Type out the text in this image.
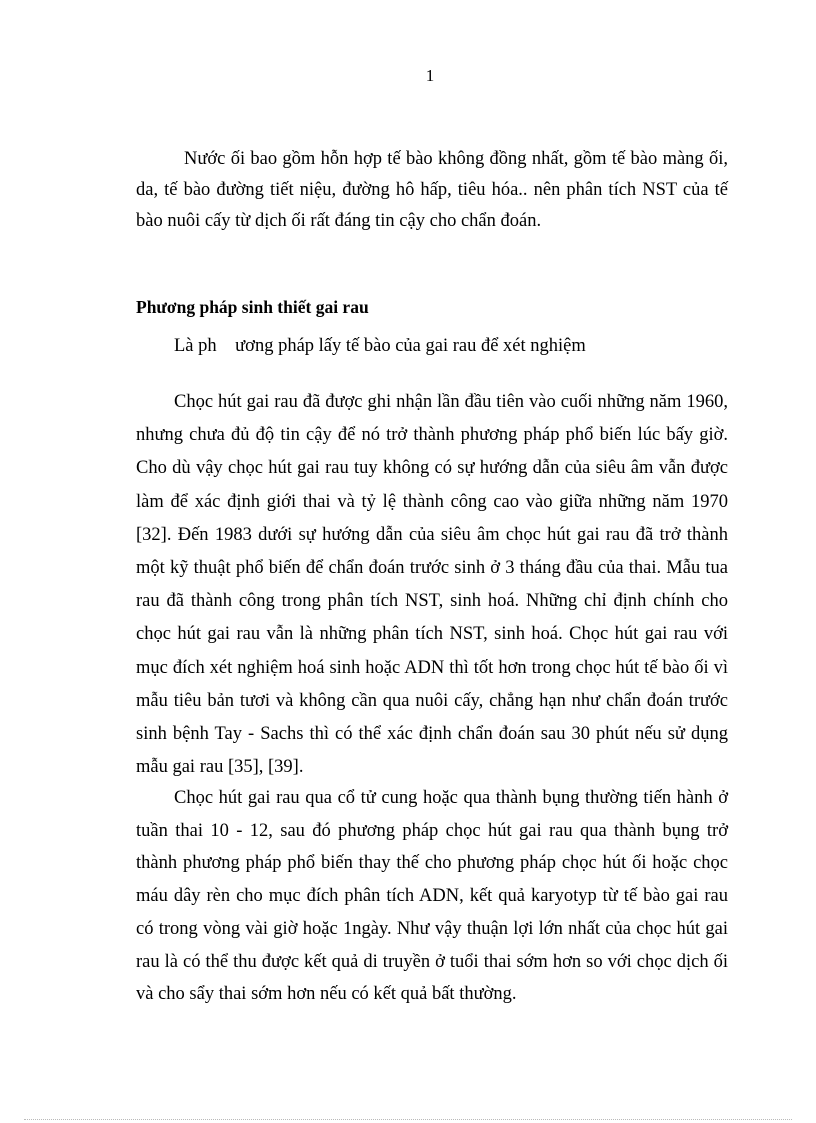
1

Nước ối bao gồm hỗn hợp tế bào không đồng nhất, gồm tế bào màng ối, da, tế bào đường tiết niệu, đường hô hấp, tiêu hóa.. nên phân tích NST của tế bào nuôi cấy từ dịch ối rất đáng tin cậy cho chẩn đoán.

Phương pháp sinh thiết gai rau

Là ph    ương pháp lấy tế bào của gai rau để xét nghiệm

Chọc hút gai rau đã được ghi nhận lần đầu tiên vào cuối những năm 1960, nhưng chưa đủ độ tin cậy để nó trở thành phương pháp phổ biến lúc bấy giờ. Cho dù vậy chọc hút gai rau tuy không có sự hướng dẫn của siêu âm vẫn được làm để xác định giới thai và tỷ lệ thành công cao vào giữa những năm 1970 [32]. Đến 1983 dưới sự hướng dẫn của siêu âm chọc hút gai rau đã trở thành một kỹ thuật phổ biến để chẩn đoán trước sinh ở 3 tháng đầu của thai. Mẫu tua rau đã thành công trong phân tích NST, sinh hoá. Những chỉ định chính cho chọc hút gai rau vẫn là những phân tích NST, sinh hoá. Chọc hút gai rau với mục đích xét nghiệm hoá sinh hoặc ADN thì tốt hơn trong chọc hút tế bào ối vì mẫu tiêu bản tươi và không cần qua nuôi cấy, chẳng hạn như chẩn đoán trước sinh bệnh Tay - Sachs thì có thể xác định chẩn đoán sau 30 phút nếu sử dụng mẫu gai rau [35], [39].

Chọc hút gai rau qua cổ tử cung hoặc qua thành bụng thường tiến hành ở tuần thai 10 - 12, sau đó phương pháp chọc hút gai rau qua thành bụng trở thành phương pháp phổ biến thay thế cho phương pháp chọc hút ối hoặc chọc máu dây rèn cho mục đích phân tích ADN, kết quả karyotyp từ tế bào gai rau có trong vòng vài giờ hoặc 1ngày. Như vậy thuận lợi lớn nhất của chọc hút gai rau là có thể thu được kết quả di truyền ở tuổi thai sớm hơn so với chọc dịch ối và cho sẩy thai sớm hơn nếu có kết quả bất thường.
